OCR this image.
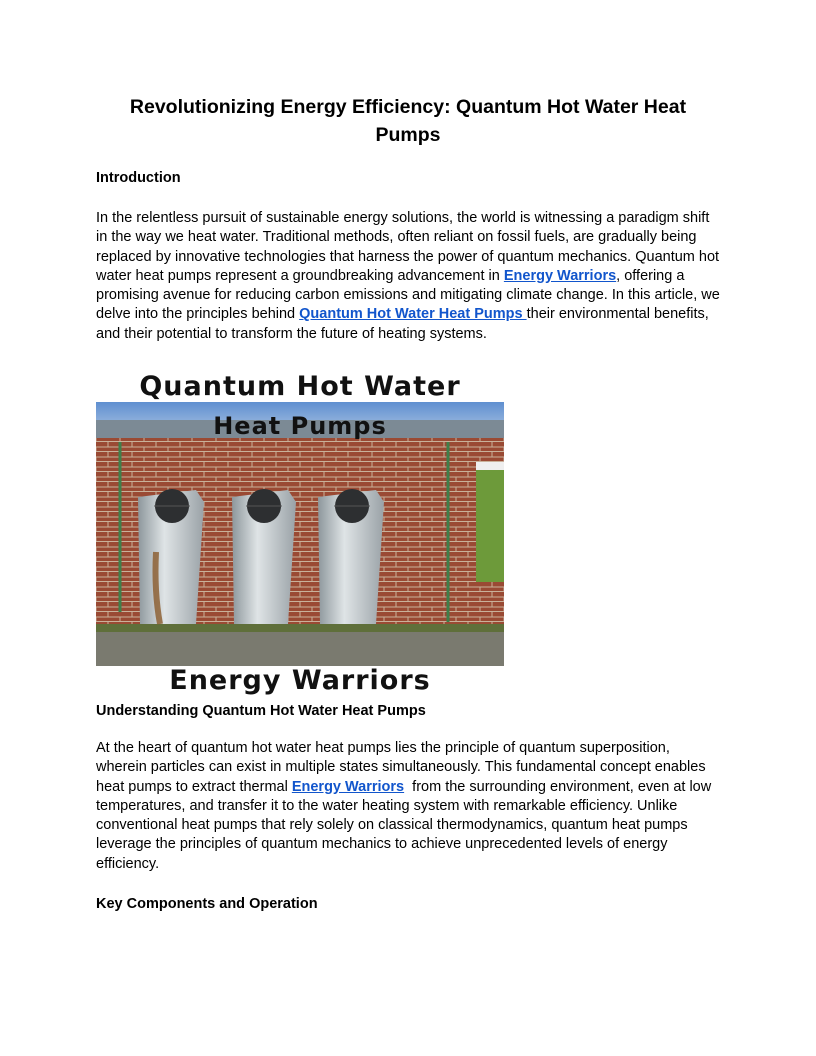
Revolutionizing Energy Efficiency: Quantum Hot Water Heat Pumps
Introduction

In the relentless pursuit of sustainable energy solutions, the world is witnessing a paradigm shift in the way we heat water. Traditional methods, often reliant on fossil fuels, are gradually being replaced by innovative technologies that harness the power of quantum mechanics. Quantum hot water heat pumps represent a groundbreaking advancement in Energy Warriors, offering a promising avenue for reducing carbon emissions and mitigating climate change. In this article, we delve into the principles behind Quantum Hot Water Heat Pumps their environmental benefits, and their potential to transform the future of heating systems.

Quantum Hot Water
Heat Pumps
Energy Warriors
Understanding Quantum Hot Water Heat Pumps

At the heart of quantum hot water heat pumps lies the principle of quantum superposition, wherein particles can exist in multiple states simultaneously. This fundamental concept enables heat pumps to extract thermal Energy Warriors  from the surrounding environment, even at low temperatures, and transfer it to the water heating system with remarkable efficiency. Unlike conventional heat pumps that rely solely on classical thermodynamics, quantum heat pumps leverage the principles of quantum mechanics to achieve unprecedented levels of energy efficiency.

Key Components and Operation
